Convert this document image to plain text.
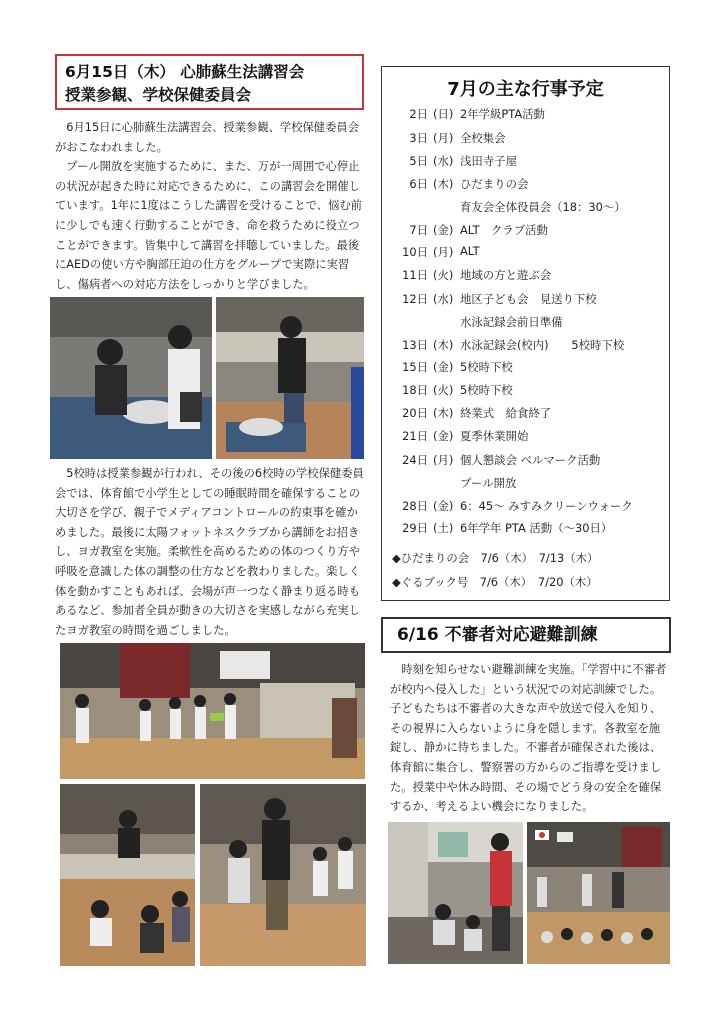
6月15日（木） 心肺蘇生法講習会
授業参観、学校保健委員会

6月15日に心肺蘇生法講習会、授業参観、学校保健委員会がおこなわれました。

プール開放を実施するために、また、万が一周囲で心停止の状況が起きた時に対応できるために、この講習会を開催しています。1年に1度はこうした講習を受けることで、悩む前に少しでも速く行動することができ、命を救うために役立つことができます。皆集中して講習を拝聴していました。最後にAEDの使い方や胸部圧迫の仕方をグループで実際に実習し、傷病者への対応方法をしっかりと学びました。

5校時は授業参観が行われ、その後の6校時の学校保健委員会では、体育館で小学生としての睡眠時間を確保することの大切さを学び、親子でメディアコントロールの約束事を確かめました。最後に太陽フォットネスクラブから講師をお招きし、ヨガ教室を実施。柔軟性を高めるための体のつくり方や呼吸を意識した体の調整の仕方などを教わりました。楽しく体を動かすこともあれば、会場が声一つなく静まり返る時もあるなど、参加者全員が動きの大切さを実感しながら充実したヨガ教室の時間を過ごしました。

7月の主な行事予定
2日 (日) 2年学級PTA活動
3日 (月) 全校集会
5日 (水) 浅田寺子屋
6日 (木) ひだまりの会
育友会全体役員会（18：30〜）
7日 (金) ALT　クラブ活動
10日 (月) ALT
11日 (火) 地域の方と遊ぶ会
12日 (水) 地区子ども会　見送り下校
水泳記録会前日準備
13日 (木) 水泳記録会(校内)　　5校時下校
15日 (金) 5校時下校
18日 (火) 5校時下校
20日 (木) 終業式　給食終了
21日 (金) 夏季休業開始
24日 (月) 個人懇談会 ベルマーク活動
プール開放
28日 (金) 6：45〜 みすみクリーンウォーク
29日 (土) 6年学年 PTA 活動（〜30日）
◆ひだまりの会　7/6（木）　7/13（木）
◆ぐるブック号　7/6（木）　7/20（木）
6/16 不審者対応避難訓練

時刻を知らせない避難訓練を実施。「学習中に不審者が校内へ侵入した」という状況での対応訓練でした。子どもたちは不審者の大きな声や放送で侵入を知り、その視界に入らないように身を隠します。各教室を施錠し、静かに待ちました。不審者が確保された後は、体育館に集合し、警察署の方からのご指導を受けました。授業中や休み時間、その場でどう身の安全を確保するか、考えるよい機会になりました。
